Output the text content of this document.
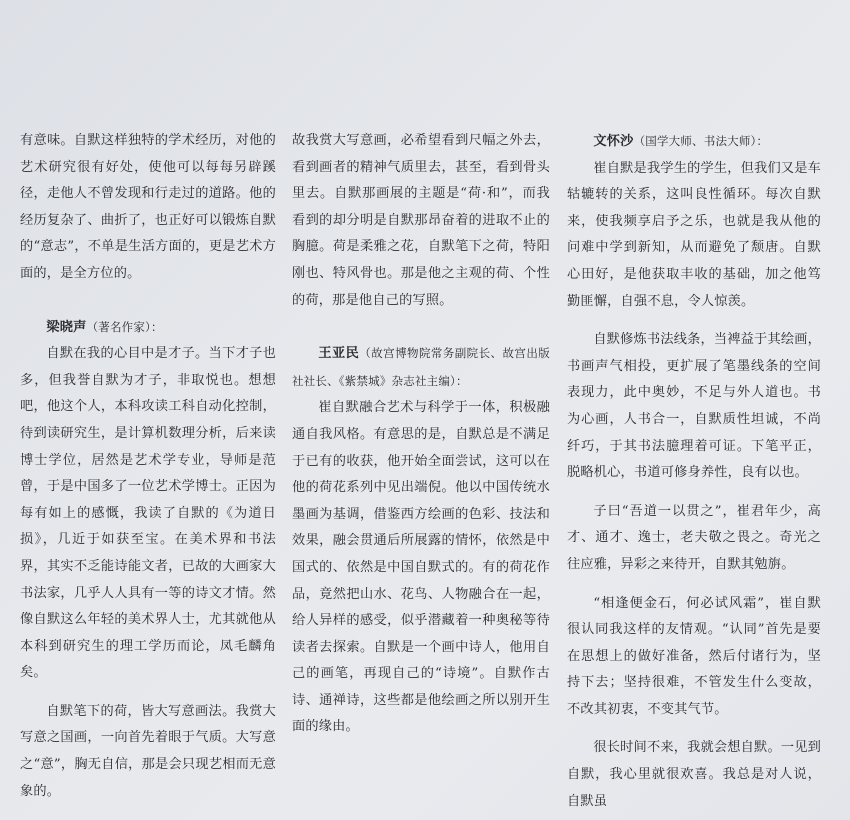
有意味。自默这样独特的学术经历，对他的艺术研究很有好处，使他可以每每另辟蹊径，走他人不曾发现和行走过的道路。他的经历复杂了、曲折了，也正好可以锻炼自默的“意志”，不单是生活方面的，更是艺术方面的，是全方位的。

梁晓声（著名作家）：

自默在我的心目中是才子。当下才子也多，但我誉自默为才子，非取悦也。想想吧，他这个人，本科攻读工科自动化控制，待到读研究生，是计算机数理分析，后来读博士学位，居然是艺术学专业，导师是范曾，于是中国多了一位艺术学博士。正因为每有如上的感慨，我读了自默的《为道日损》，几近于如获至宝。在美术界和书法界，其实不乏能诗能文者，已故的大画家大书法家，几乎人人具有一等的诗文才情。然像自默这么年轻的美术界人士，尤其就他从本科到研究生的理工学历而论，凤毛麟角矣。

自默笔下的荷，皆大写意画法。我赏大写意之国画，一向首先着眼于气质。大写意之“意”，胸无自信，那是会只现艺相而无意象的。

故我赏大写意画，必希望看到尺幅之外去，看到画者的精神气质里去，甚至，看到骨头里去。自默那画展的主题是“荷·和”，而我看到的却分明是自默那昂奋着的进取不止的胸臆。荷是柔雅之花，自默笔下之荷，特阳刚也、特风骨也。那是他之主观的荷、个性的荷，那是他自己的写照。

王亚民（故宫博物院常务副院长、故宫出版社社长、《紫禁城》杂志社主编）：

崔自默融合艺术与科学于一体，积极融通自我风格。有意思的是，自默总是不满足于已有的收获，他开始全面尝试，这可以在他的荷花系列中见出端倪。他以中国传统水墨画为基调，借鉴西方绘画的色彩、技法和效果，融会贯通后所展露的情怀，依然是中国式的、依然是中国自默式的。有的荷花作品，竟然把山水、花鸟、人物融合在一起，给人异样的感受，似乎潜藏着一种奥秘等待读者去探索。自默是一个画中诗人，他用自己的画笔，再现自己的“诗境”。自默作古诗、通禅诗，这些都是他绘画之所以别开生面的缘由。

文怀沙（国学大师、书法大师）：

崔自默是我学生的学生，但我们又是车轱辘转的关系，这叫良性循环。每次自默来，使我频享启予之乐，也就是我从他的问难中学到新知，从而避免了颓唐。自默心田好，是他获取丰收的基础，加之他笃勤匪懈，自强不息，令人惊羡。

自默修炼书法线条，当裨益于其绘画，书画声气相投，更扩展了笔墨线条的空间表现力，此中奥妙，不足与外人道也。书为心画，人书合一，自默质性坦诚，不尚纤巧，于其书法臆理着可证。下笔平正，脱略机心，书道可修身养性，良有以也。

子曰“吾道一以贯之”，崔君年少，高才、通才、逸士，老夫敬之畏之。奇光之往应雅，异彩之来待开，自默其勉旃。

“相逢便金石，何必试风霜”，崔自默很认同我这样的友情观。“认同”首先是要在思想上的做好准备，然后付诸行为，坚持下去；坚持很难，不管发生什么变故，不改其初衷，不变其气节。

很长时间不来，我就会想自默。一见到自默，我心里就很欢喜。我总是对人说，自默虽
